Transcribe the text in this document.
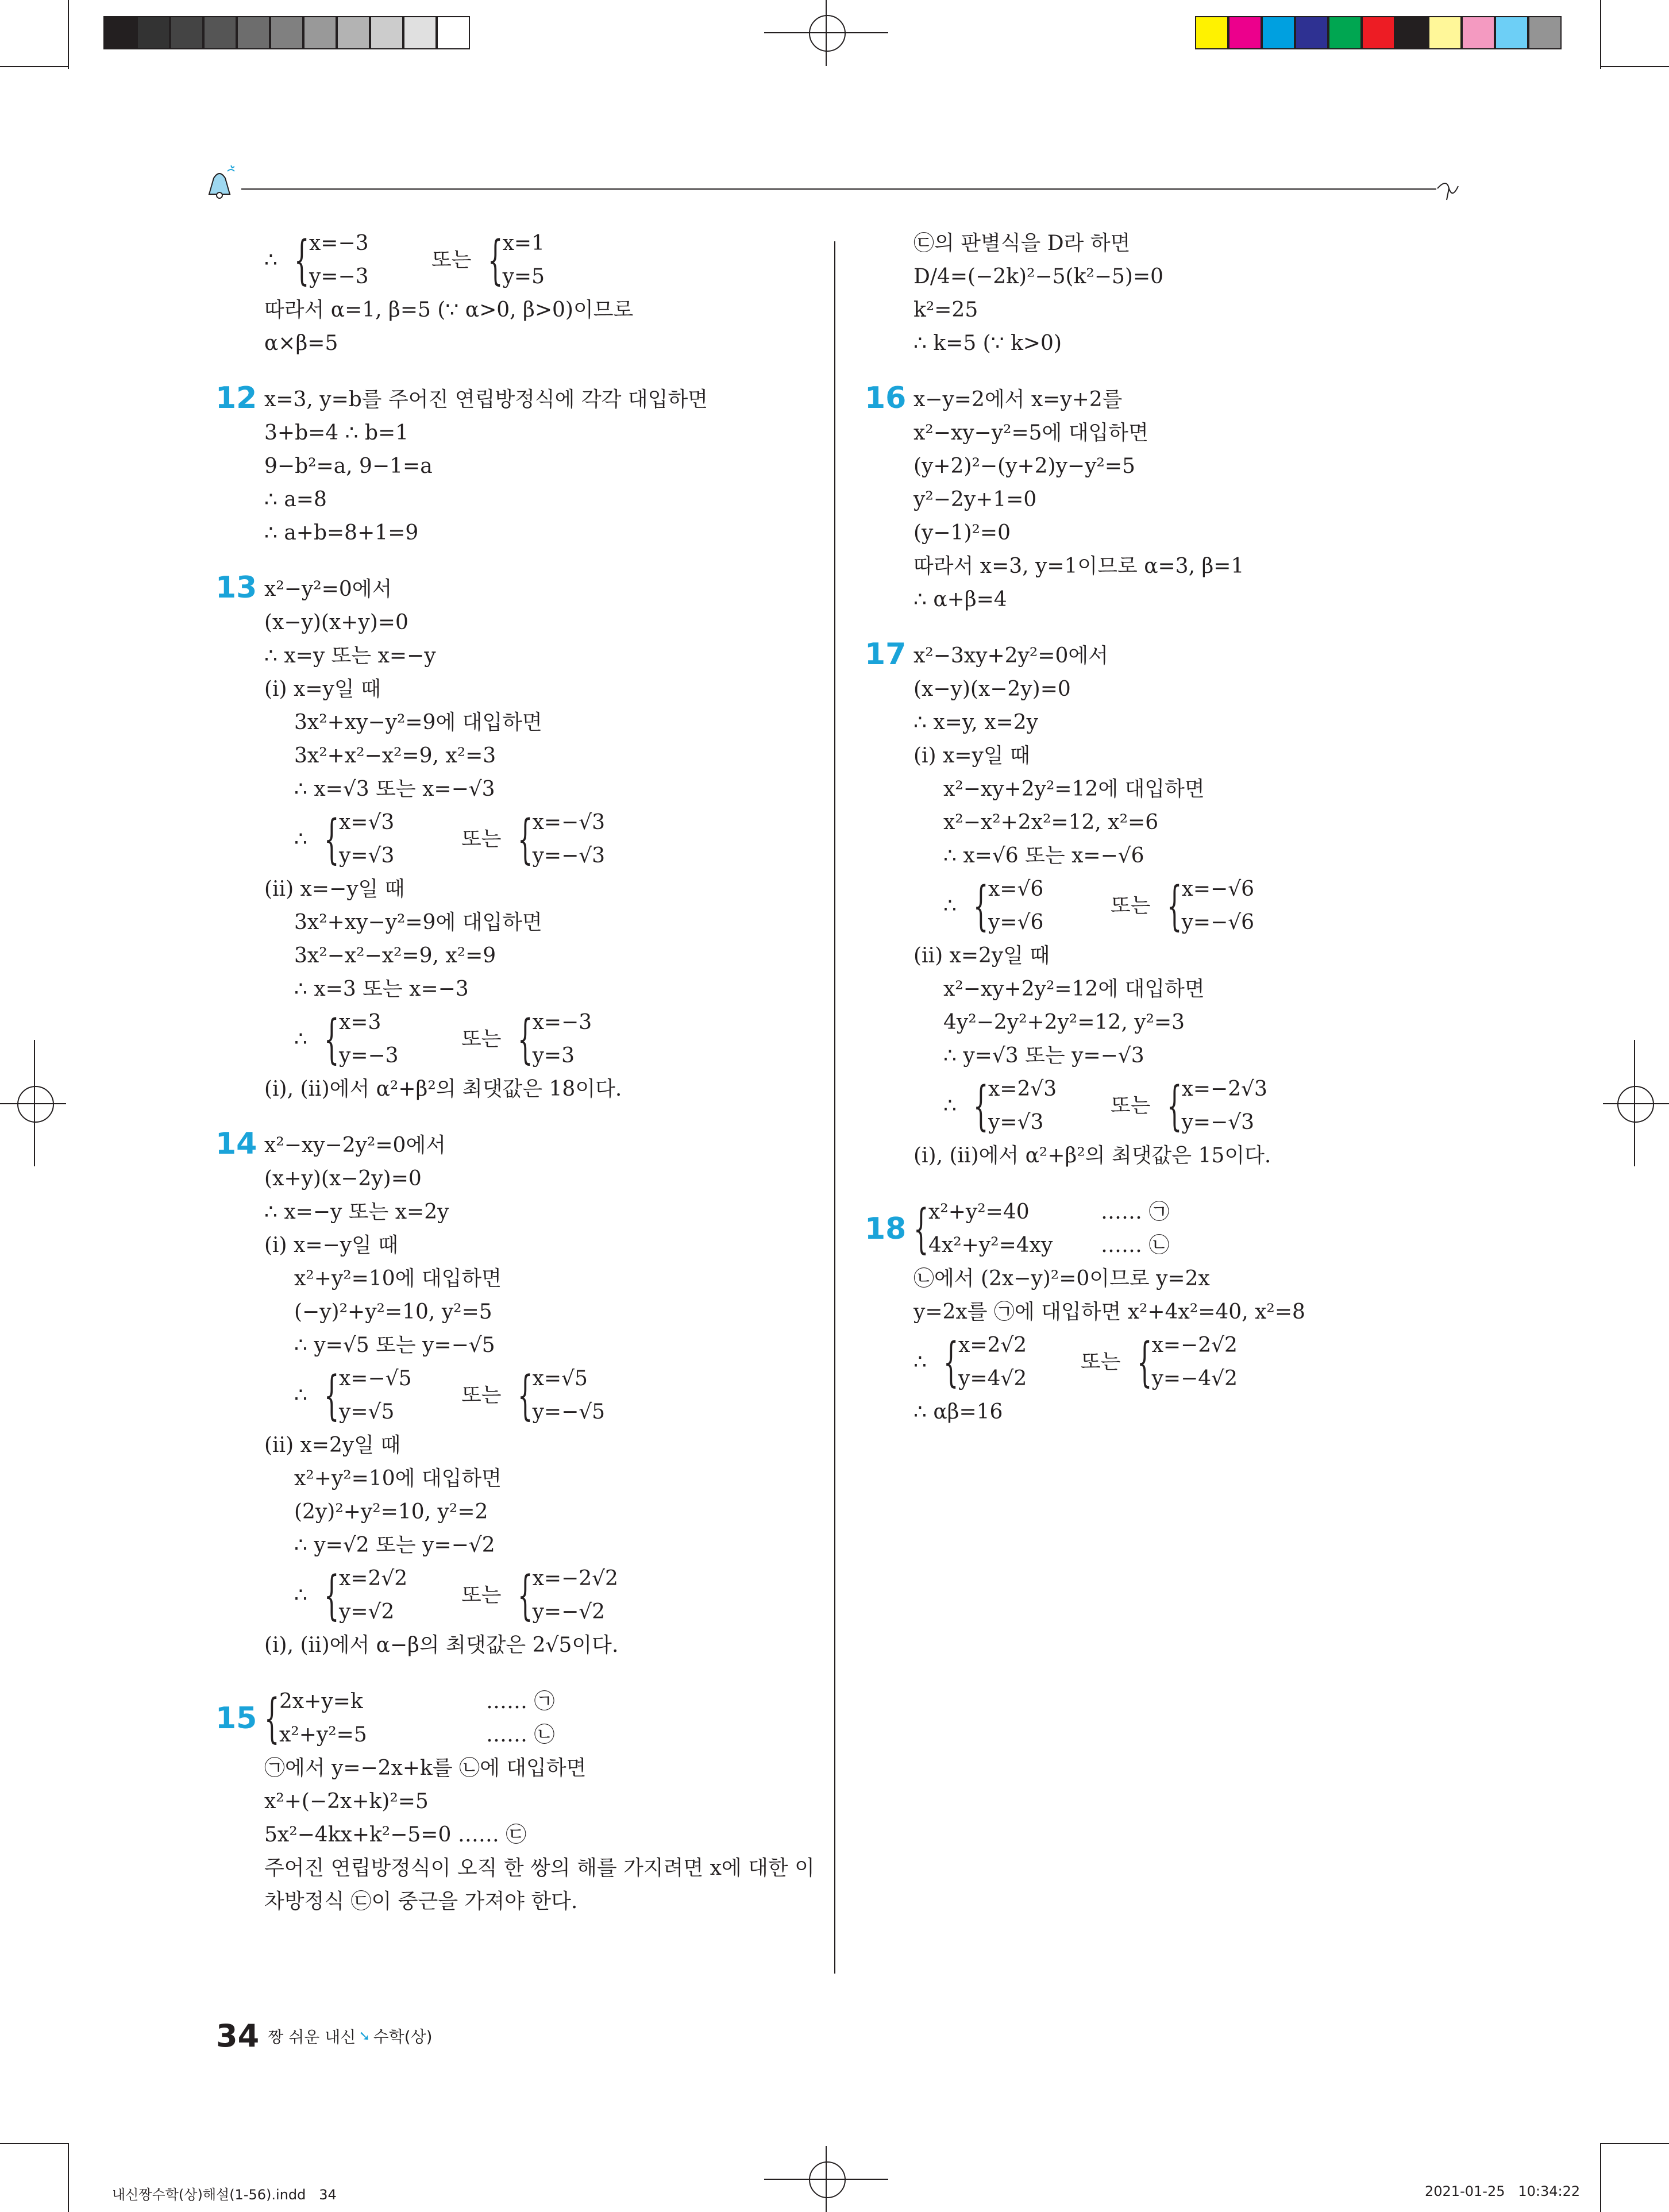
∴ { x=−3
y=−3
또는 { x=1
y=5
따라서 α=1, β=5 (∵ α>0, β>0)이므로
α×β=5
12 x=3, y=b를 주어진 연립방정식에 각각 대입하면
3+b=4 ∴ b=1
9−b²=a, 9−1=a
∴ a=8
∴ a+b=8+1=9
13 x²−y²=0에서
(x−y)(x+y)=0
∴ x=y 또는 x=−y
(ⅰ) x=y일 때
3x²+xy−y²=9에 대입하면
3x²+x²−x²=9, x²=3
∴ x=√3 또는 x=−√3
∴ { x=√3
y=√3
또는 { x=−√3
y=−√3
(ⅱ) x=−y일 때
3x²+xy−y²=9에 대입하면
3x²−x²−x²=9, x²=9
∴ x=3 또는 x=−3
∴ { x=3
y=−3
또는 { x=−3
y=3
(ⅰ), (ⅱ)에서 α²+β²의 최댓값은 18이다.
14 x²−xy−2y²=0에서
(x+y)(x−2y)=0
∴ x=−y 또는 x=2y
(ⅰ) x=−y일 때
x²+y²=10에 대입하면
(−y)²+y²=10, y²=5
∴ y=√5 또는 y=−√5
∴ { x=−√5
y=√5
또는 { x=√5
y=−√5
(ⅱ) x=2y일 때
x²+y²=10에 대입하면
(2y)²+y²=10, y²=2
∴ y=√2 또는 y=−√2
∴ { x=2√2
y=√2
또는 { x=−2√2
y=−√2
(ⅰ), (ⅱ)에서 α−β의 최댓값은 2√5이다.
15 { 2x+y=k
x²+y²=5
…… ㉠
…… ㉡
㉠에서 y=−2x+k를 ㉡에 대입하면
x²+(−2x+k)²=5
5x²−4kx+k²−5=0 …… ㉢
주어진 연립방정식이 오직 한 쌍의 해를 가지려면 x에 대한 이
차방정식 ㉢이 중근을 가져야 한다.
㉢의 판별식을 D라 하면
D/4=(−2k)²−5(k²−5)=0
k²=25
∴ k=5 (∵ k>0)
16 x−y=2에서 x=y+2를
x²−xy−y²=5에 대입하면
(y+2)²−(y+2)y−y²=5
y²−2y+1=0
(y−1)²=0
따라서 x=3, y=1이므로 α=3, β=1
∴ α+β=4
17 x²−3xy+2y²=0에서
(x−y)(x−2y)=0
∴ x=y, x=2y
(ⅰ) x=y일 때
x²−xy+2y²=12에 대입하면
x²−x²+2x²=12, x²=6
∴ x=√6 또는 x=−√6
∴ { x=√6
y=√6
또는 { x=−√6
y=−√6
(ⅱ) x=2y일 때
x²−xy+2y²=12에 대입하면
4y²−2y²+2y²=12, y²=3
∴ y=√3 또는 y=−√3
∴ { x=2√3
y=√3
또는 { x=−2√3
y=−√3
(ⅰ), (ⅱ)에서 α²+β²의 최댓값은 15이다.
18 { x²+y²=40
4x²+y²=4xy
…… ㉠
…… ㉡
㉡에서 (2x−y)²=0이므로 y=2x
y=2x를 ㉠에 대입하면 x²+4x²=40, x²=8
∴ { x=2√2
y=4√2
또는 { x=−2√2
y=−4√2
∴ αβ=16
34 짱 쉬운 내신 ➘ 수학(상)
내신짱수학(상)해설(1-56).indd   34	2021-01-25   10:34:22
